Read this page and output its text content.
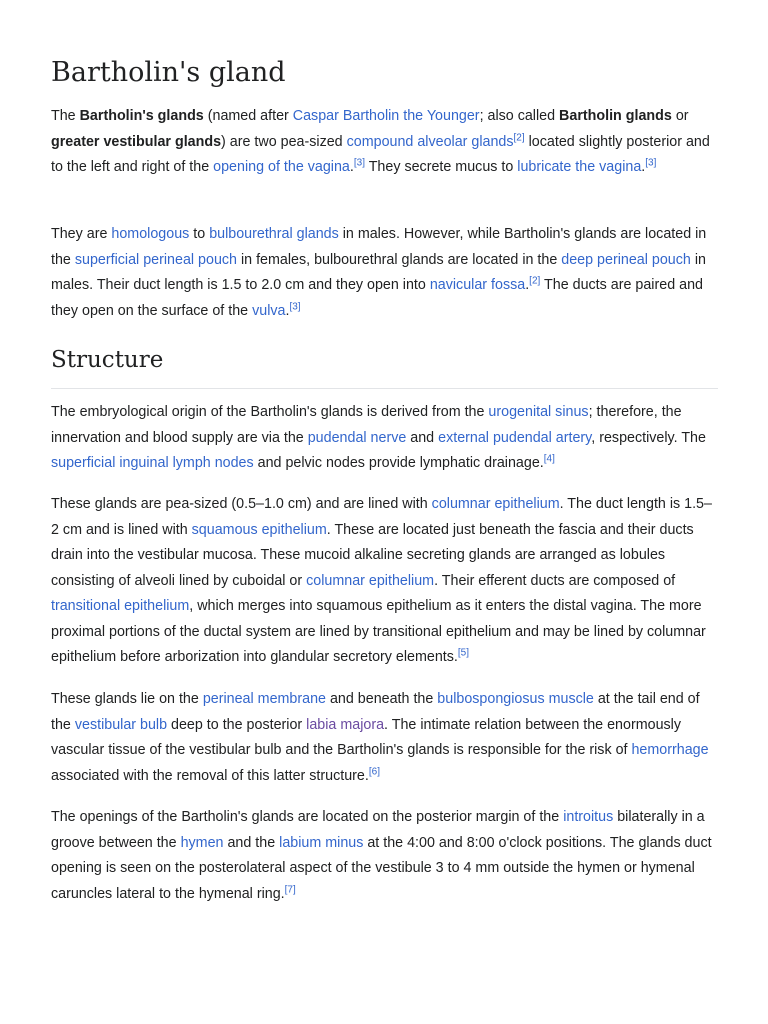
Bartholin's gland

The Bartholin's glands (named after Caspar Bartholin the Younger; also called Bartholin glands or greater vestibular glands) are two pea-sized compound alveolar glands[2] located slightly posterior and to the left and right of the opening of the vagina.[3] They secrete mucus to lubricate the vagina.[3]

They are homologous to bulbourethral glands in males. However, while Bartholin's glands are located in the superficial perineal pouch in females, bulbourethral glands are located in the deep perineal pouch in males. Their duct length is 1.5 to 2.0 cm and they open into navicular fossa.[2] The ducts are paired and they open on the surface of the vulva.[3]

Structure

The embryological origin of the Bartholin's glands is derived from the urogenital sinus; therefore, the innervation and blood supply are via the pudendal nerve and external pudendal artery, respectively. The superficial inguinal lymph nodes and pelvic nodes provide lymphatic drainage.[4]

These glands are pea-sized (0.5–1.0 cm) and are lined with columnar epithelium. The duct length is 1.5–2 cm and is lined with squamous epithelium. These are located just beneath the fascia and their ducts drain into the vestibular mucosa. These mucoid alkaline secreting glands are arranged as lobules consisting of alveoli lined by cuboidal or columnar epithelium. Their efferent ducts are composed of transitional epithelium, which merges into squamous epithelium as it enters the distal vagina. The more proximal portions of the ductal system are lined by transitional epithelium and may be lined by columnar epithelium before arborization into glandular secretory elements.[5]

These glands lie on the perineal membrane and beneath the bulbospongiosus muscle at the tail end of the vestibular bulb deep to the posterior labia majora. The intimate relation between the enormously vascular tissue of the vestibular bulb and the Bartholin's glands is responsible for the risk of hemorrhage associated with the removal of this latter structure.[6]

The openings of the Bartholin's glands are located on the posterior margin of the introitus bilaterally in a groove between the hymen and the labium minus at the 4:00 and 8:00 o'clock positions. The glands duct opening is seen on the posterolateral aspect of the vestibule 3 to 4 mm outside the hymen or hymenal caruncles lateral to the hymenal ring.[7]
